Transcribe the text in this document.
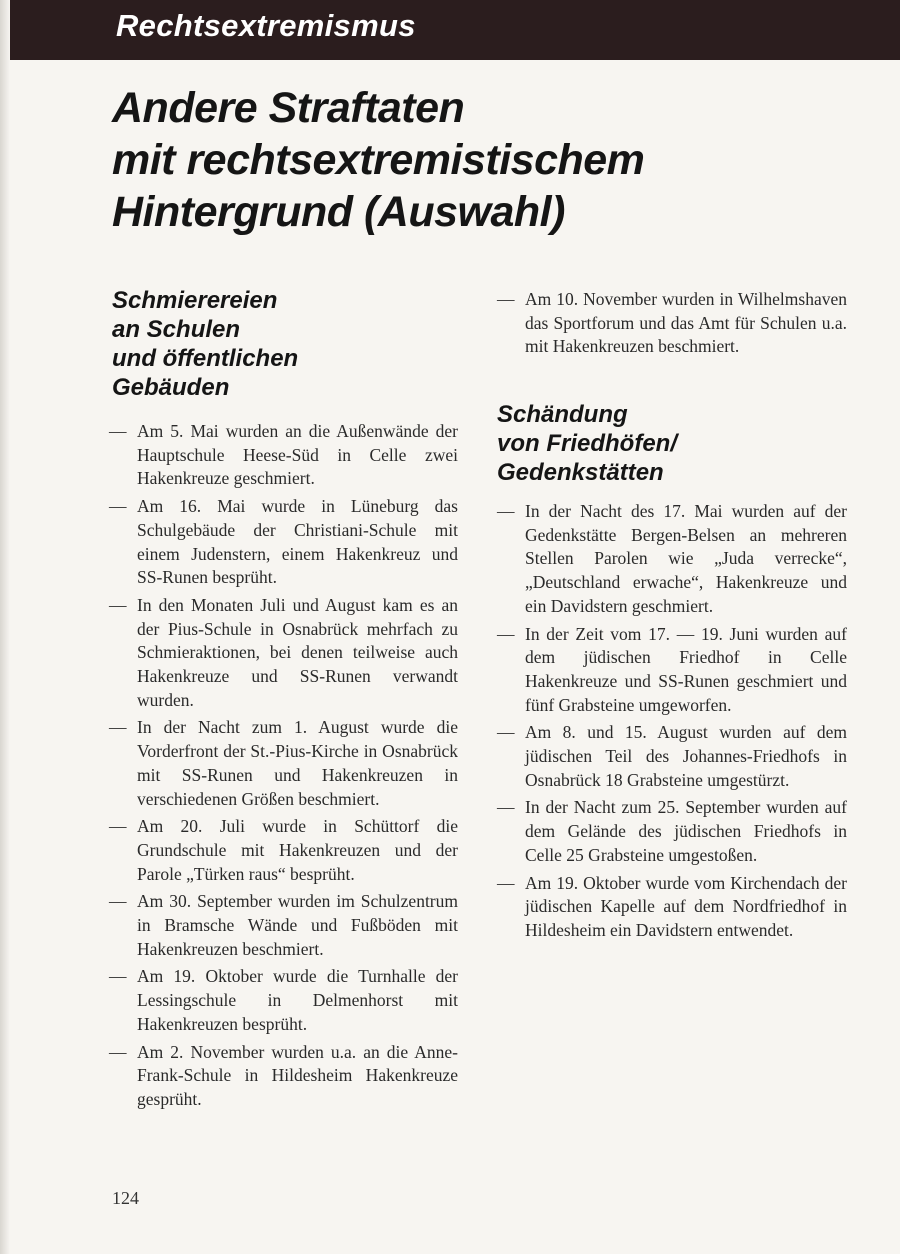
Rechtsextremismus
Andere Straftaten
mit rechtsextremistischem
Hintergrund (Auswahl)
Schmierereien
an Schulen
und öffentlichen
Gebäuden
— Am 5. Mai wurden an die Außenwände der Hauptschule Heese-Süd in Celle zwei Hakenkreuze geschmiert.
— Am 16. Mai wurde in Lüneburg das Schulgebäude der Christiani-Schule mit einem Judenstern, einem Hakenkreuz und SS-Runen besprüht.
— In den Monaten Juli und August kam es an der Pius-Schule in Osnabrück mehrfach zu Schmieraktionen, bei denen teilweise auch Hakenkreuze und SS-Runen verwandt wurden.
— In der Nacht zum 1. August wurde die Vorderfront der St.-Pius-Kirche in Osnabrück mit SS-Runen und Hakenkreuzen in verschiedenen Größen beschmiert.
— Am 20. Juli wurde in Schüttorf die Grundschule mit Hakenkreuzen und der Parole „Türken raus“ besprüht.
— Am 30. September wurden im Schulzentrum in Bramsche Wände und Fußböden mit Hakenkreuzen beschmiert.
— Am 19. Oktober wurde die Turnhalle der Lessingschule in Delmenhorst mit Hakenkreuzen besprüht.
— Am 2. November wurden u.a. an die Anne-Frank-Schule in Hildesheim Hakenkreuze gesprüht.
— Am 10. November wurden in Wilhelmshaven das Sportforum und das Amt für Schulen u.a. mit Hakenkreuzen beschmiert.
Schändung
von Friedhöfen/
Gedenkstätten
— In der Nacht des 17. Mai wurden auf der Gedenkstätte Bergen-Belsen an mehreren Stellen Parolen wie „Juda verrecke“, „Deutschland erwache“, Hakenkreuze und ein Davidstern geschmiert.
— In der Zeit vom 17. — 19. Juni wurden auf dem jüdischen Friedhof in Celle Hakenkreuze und SS-Runen geschmiert und fünf Grabsteine umgeworfen.
— Am 8. und 15. August wurden auf dem jüdischen Teil des Johannes-Friedhofs in Osnabrück 18 Grabsteine umgestürzt.
— In der Nacht zum 25. September wurden auf dem Gelände des jüdischen Friedhofs in Celle 25 Grabsteine umgestoßen.
— Am 19. Oktober wurde vom Kirchendach der jüdischen Kapelle auf dem Nordfriedhof in Hildesheim ein Davidstern entwendet.
124
